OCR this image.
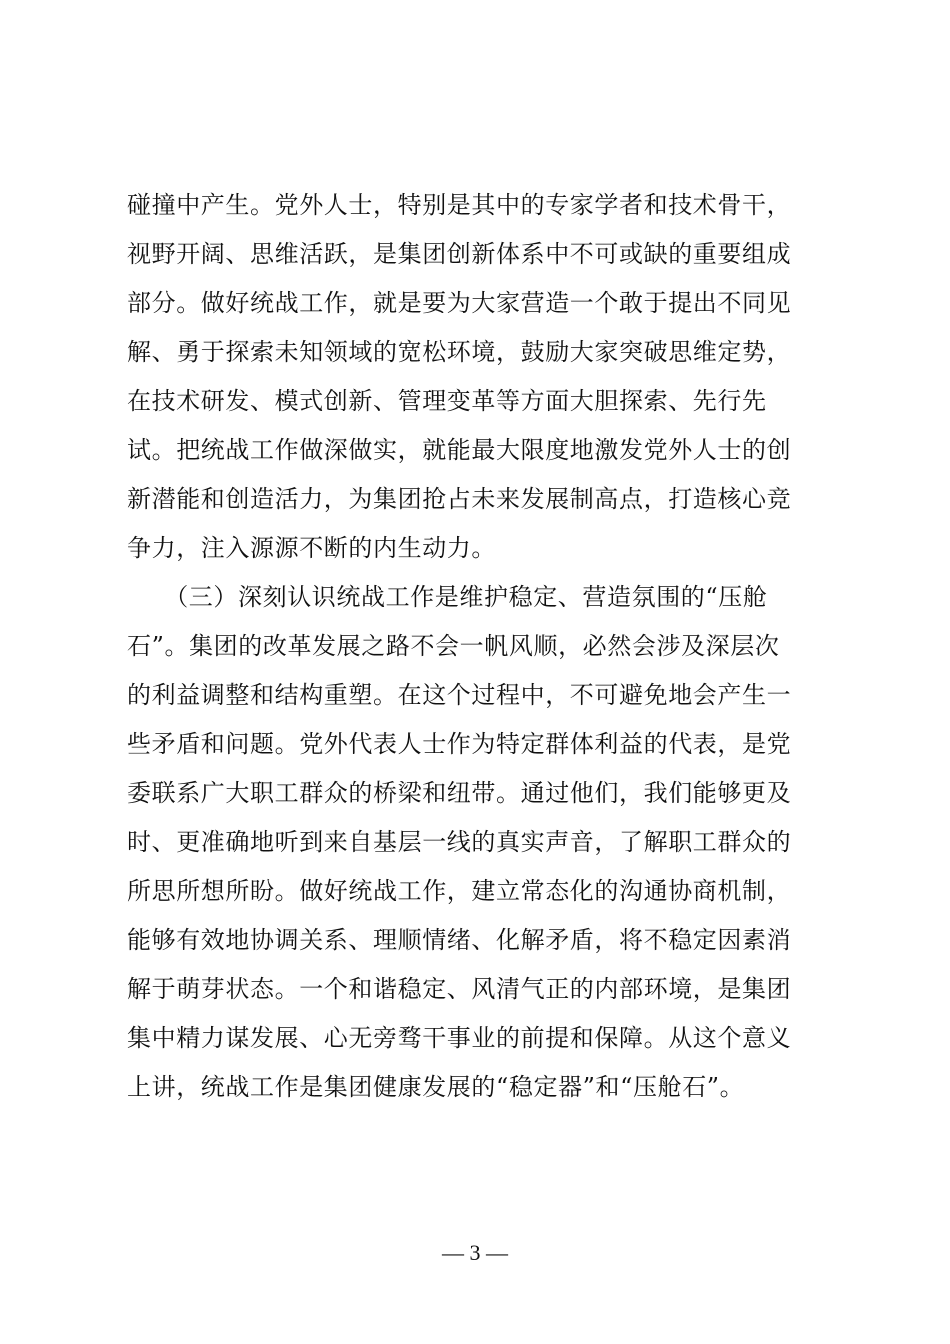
碰撞中产生。党外人士，特别是其中的专家学者和技术骨干，
视野开阔、思维活跃，是集团创新体系中不可或缺的重要组成
部分。做好统战工作，就是要为大家营造一个敢于提出不同见
解、勇于探索未知领域的宽松环境，鼓励大家突破思维定势，
在技术研发、模式创新、管理变革等方面大胆探索、先行先
试。把统战工作做深做实，就能最大限度地激发党外人士的创
新潜能和创造活力，为集团抢占未来发展制高点，打造核心竞
争力，注入源源不断的内生动力。
　　（三）深刻认识统战工作是维护稳定、营造氛围的“压舱
石”。集团的改革发展之路不会一帆风顺，必然会涉及深层次
的利益调整和结构重塑。在这个过程中，不可避免地会产生一
些矛盾和问题。党外代表人士作为特定群体利益的代表，是党
委联系广大职工群众的桥梁和纽带。通过他们，我们能够更及
时、更准确地听到来自基层一线的真实声音，了解职工群众的
所思所想所盼。做好统战工作，建立常态化的沟通协商机制，
能够有效地协调关系、理顺情绪、化解矛盾，将不稳定因素消
解于萌芽状态。一个和谐稳定、风清气正的内部环境，是集团
集中精力谋发展、心无旁骛干事业的前提和保障。从这个意义
上讲，统战工作是集团健康发展的“稳定器”和“压舱石”。
— 3 —
